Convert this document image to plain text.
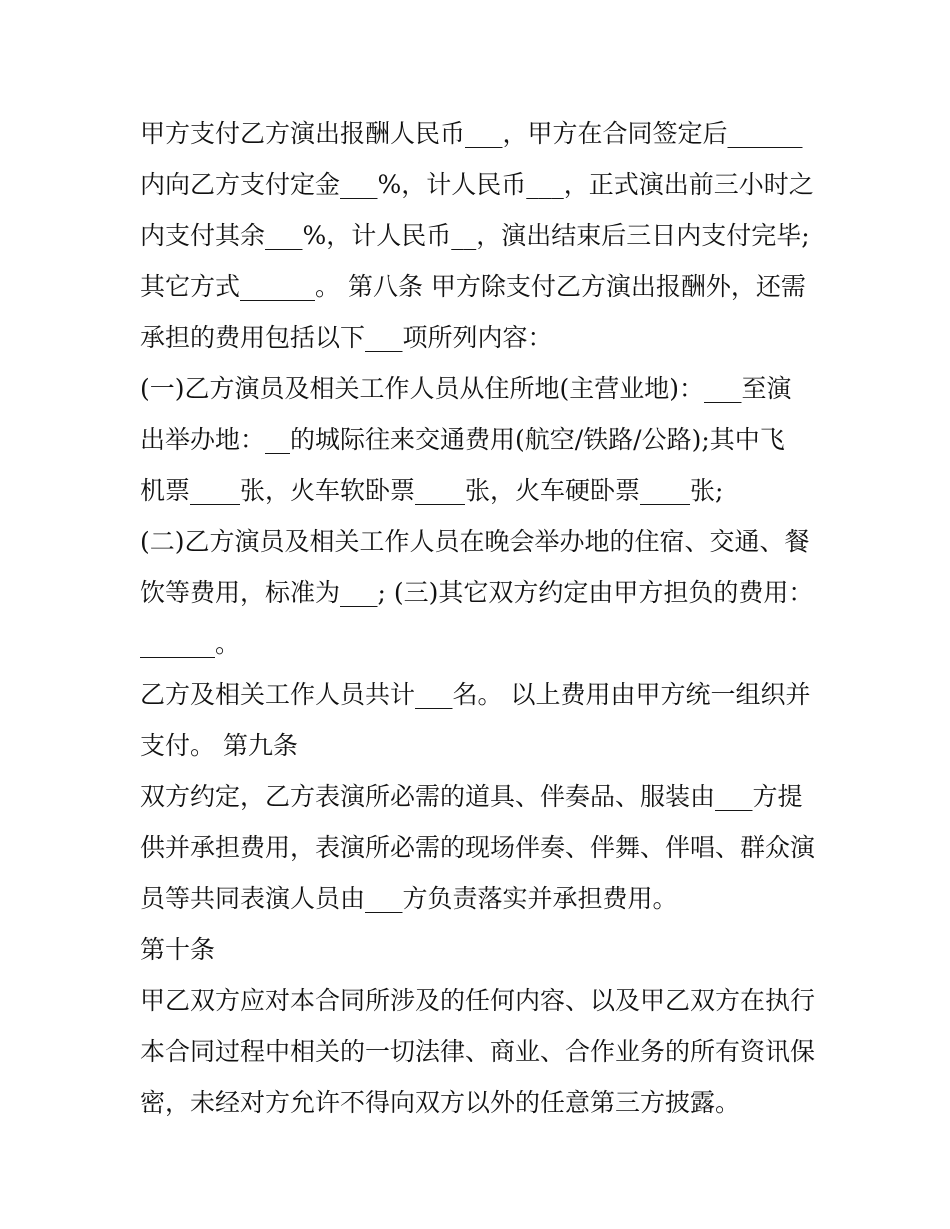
甲方支付乙方演出报酬人民币___，甲方在合同签定后______
内向乙方支付定金___%，计人民币___，正式演出前三小时之
内支付其余___%，计人民币__，演出结束后三日内支付完毕;
其它方式______。 第八条 甲方除支付乙方演出报酬外，还需
承担的费用包括以下___项所列内容：
(一)乙方演员及相关工作人员从住所地(主营业地)：___至演
出举办地：__的城际往来交通费用(航空/铁路/公路);其中飞
机票____张，火车软卧票____张，火车硬卧票____张;
(二)乙方演员及相关工作人员在晚会举办地的住宿、交通、餐
饮等费用，标准为___; (三)其它双方约定由甲方担负的费用：
______。
乙方及相关工作人员共计___名。 以上费用由甲方统一组织并
支付。 第九条
双方约定，乙方表演所必需的道具、伴奏品、服装由___方提
供并承担费用，表演所必需的现场伴奏、伴舞、伴唱、群众演
员等共同表演人员由___方负责落实并承担费用。
第十条
甲乙双方应对本合同所涉及的任何内容、以及甲乙双方在执行
本合同过程中相关的一切法律、商业、合作业务的所有资讯保
密，未经对方允许不得向双方以外的任意第三方披露。
